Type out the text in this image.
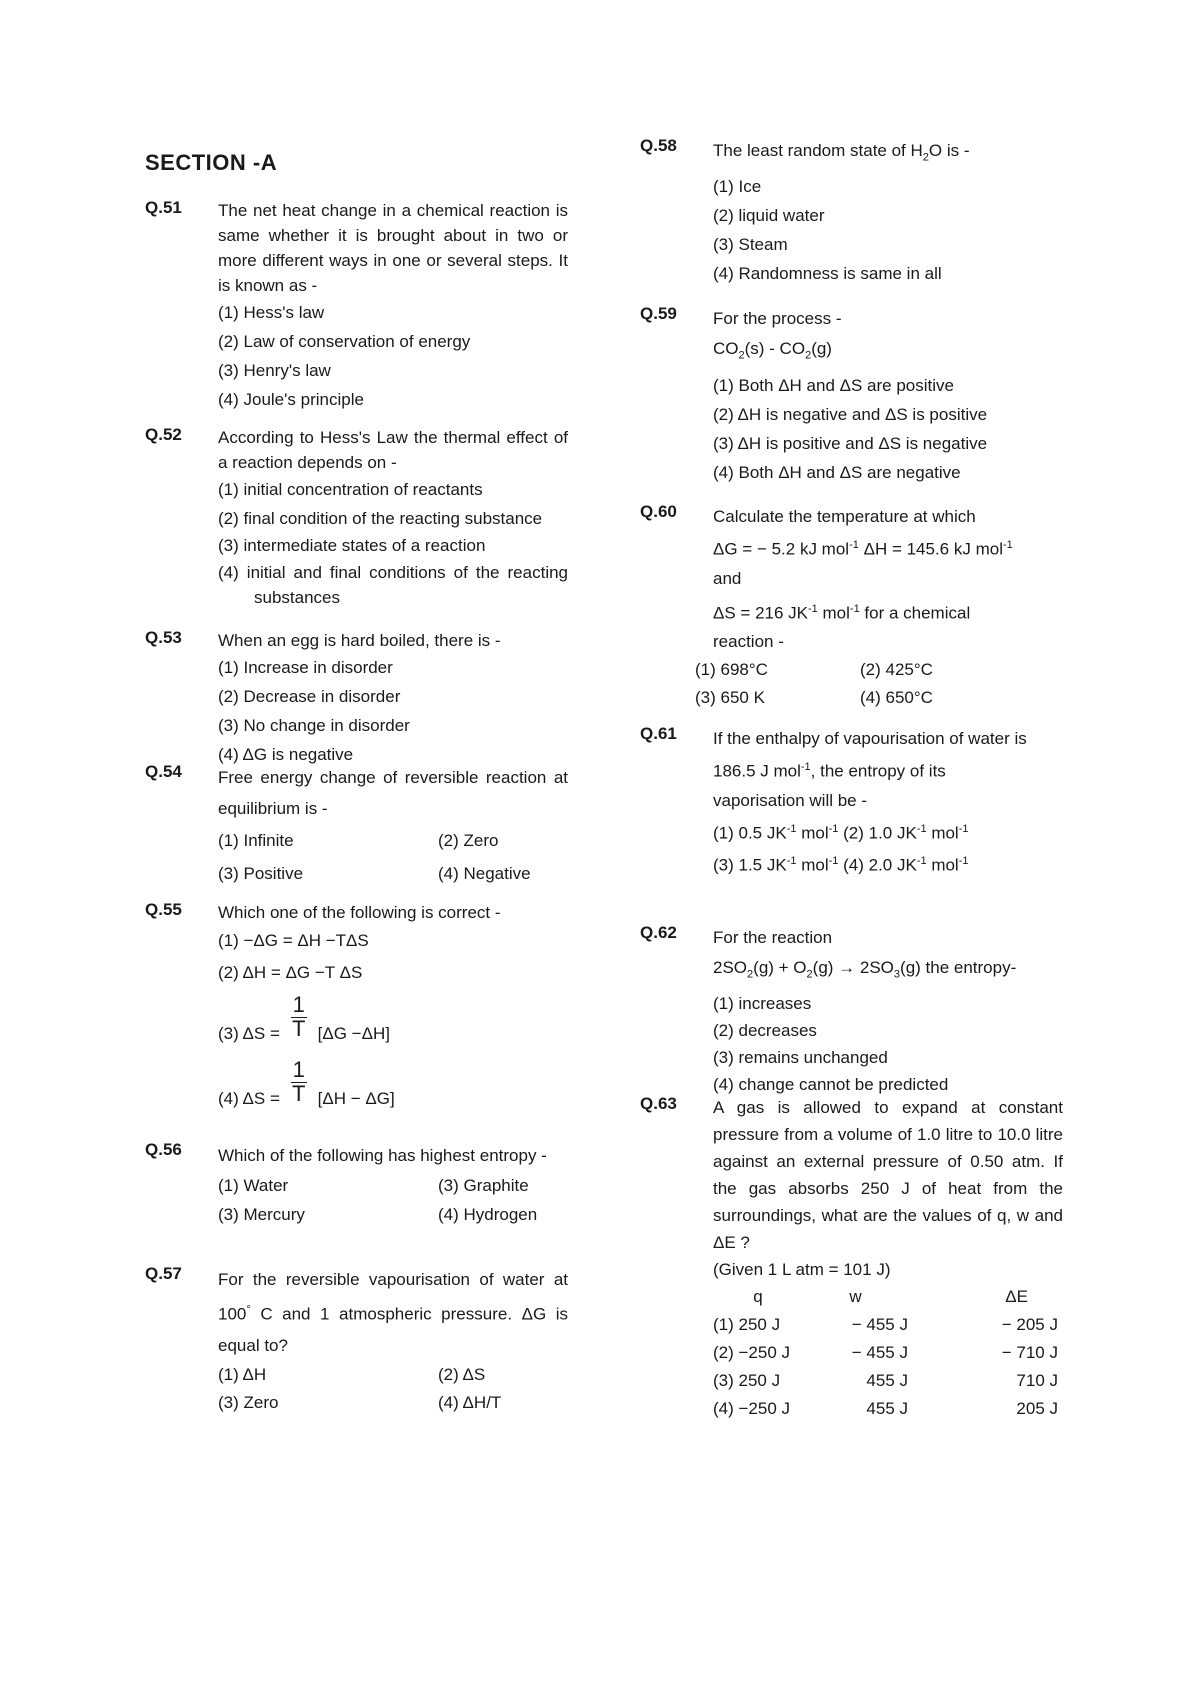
SECTION -A
Q.51 The net heat change in a chemical reaction is same whether it is brought about in two or more different ways in one or several steps. It is known as -
(1) Hess's law
(2) Law of conservation of energy
(3) Henry's law
(4) Joule's principle
Q.52 According to Hess's Law the thermal effect of a reaction depends on -
(1) initial concentration of reactants
(2) final condition of the reacting substance
(3) intermediate states of a reaction
(4) initial and final conditions of the reacting substances
Q.53 When an egg is hard boiled, there is -
(1) Increase in disorder
(2) Decrease in disorder
(3) No change in disorder
(4) ΔG is negative
Q.54 Free energy change of reversible reaction at equilibrium is -
(1) Infinite	(2) Zero
(3) Positive	(4) Negative
Q.55 Which one of the following is correct -
(1) −ΔG = ΔH −TΔS
(2) ΔH = ΔG −T ΔS
(3) $\Delta S = \frac{1}{T} [\Delta G -\Delta H]$
(4) $\Delta S = \frac{1}{T} [\Delta H - \Delta G]$
Q.56 Which of the following has highest entropy -
(1) Water	(3) Graphite
(3) Mercury	(4) Hydrogen
Q.57 For the reversible vapourisation of water at 100° C and 1 atmospheric pressure. ΔG is equal to?
(1) ΔH	(2) ΔS
(3) Zero	(4) ΔH/T
Q.58 The least random state of $H_2O$ is -
(1) Ice
(2) liquid water
(3) Steam
(4) Randomness is same in all
Q.59 For the process -
$CO_2(s) - CO_2(g)$
(1) Both ΔH and ΔS are positive
(2) ΔH is negative and ΔS is positive
(3) ΔH is positive and ΔS is negative
(4) Both ΔH and ΔS are negative
Q.60 Calculate the temperature at which
ΔG = − 5.2 kJ mol$^{-1}$ ΔH = 145.6 kJ mol$^{-1}$
and
ΔS = 216 $JK^{-1}$ mol$^{-1}$ for a chemical
reaction -
(1) 698°C	(2) 425°C
(3) 650 K	(4) 650°C
Q.61 If the enthalpy of vapourisation of water is
186.5 J mol$^{-1}$, the entropy of its
vaporisation will be -
(1) 0.5 $JK^{-1}$ mol$^{-1}$ (2) 1.0 $JK^{-1}$ mol$^{-1}$
(3) 1.5 $JK^{-1}$ mol$^{-1}$ (4) 2.0 $JK^{-1}$ mol$^{-1}$
Q.62 For the reaction
$2SO_2(g) + O_2(g) \to 2SO_3(g)$ the entropy-
(1) increases
(2) decreases
(3) remains unchanged
(4) change cannot be predicted
Q.63 A gas is allowed to expand at constant pressure from a volume of 1.0 litre to 10.0 litre against an external pressure of 0.50 atm. If the gas absorbs 250 J of heat from the surroundings, what are the values of q, w and ΔE ?
(Given 1 L atm = 101 J)
q	w	ΔE
(1) 250 J	− 455 J	− 205 J
(2) −250 J	− 455 J	− 710 J
(3) 250 J	455 J	710 J
(4) −250 J	455 J	205 J
